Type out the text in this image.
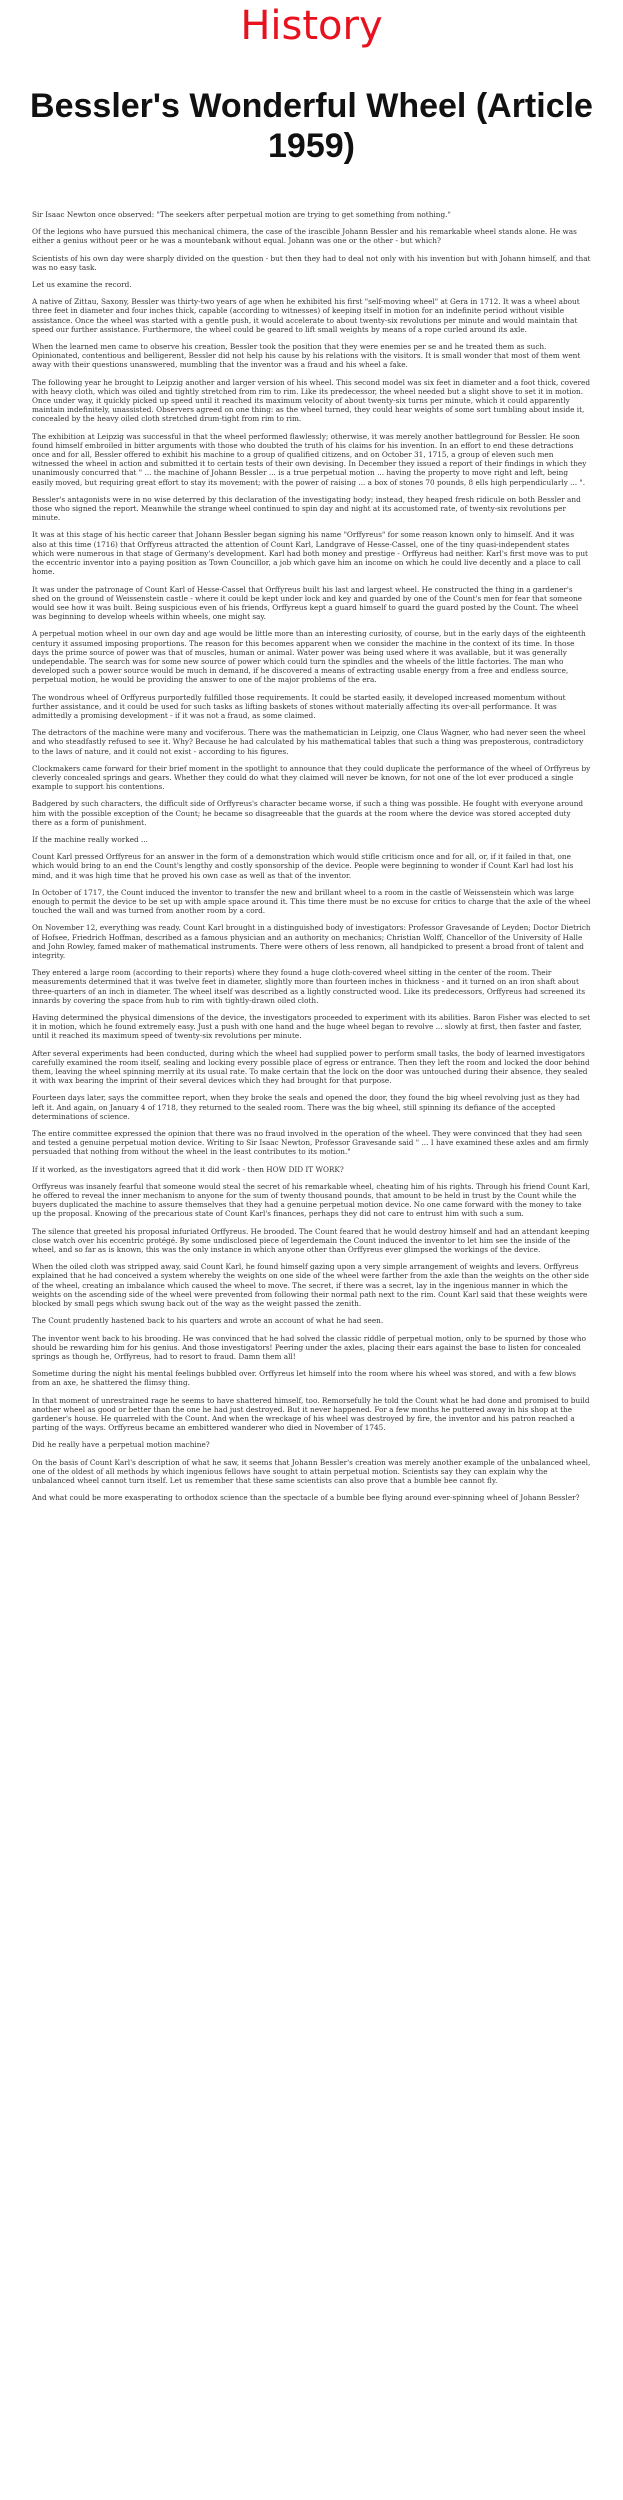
History
Bessler's Wonderful Wheel (Article 1959)

Sir Isaac Newton once observed: "The seekers after perpetual motion are trying to get something from nothing."

Of the legions who have pursued this mechanical chimera, the case of the irascible Johann Bessler and his remarkable wheel stands alone. He was either a genius without peer or he was a mountebank without equal. Johann was one or the other - but which?

Scientists of his own day were sharply divided on the question - but then they had to deal not only with his invention but with Johann himself, and that was no easy task.

Let us examine the record.

A native of Zittau, Saxony, Bessler was thirty-two years of age when he exhibited his first "self-moving wheel" at Gera in 1712. It was a wheel about three feet in diameter and four inches thick, capable (according to witnesses) of keeping itself in motion for an indefinite period without visible assistance. Once the wheel was started with a gentle push, it would accelerate to about twenty-six revolutions per minute and would maintain that speed our further assistance. Furthermore, the wheel could be geared to lift small weights by means of a rope curled around its axle.

When the learned men came to observe his creation, Bessler took the position that they were enemies per se and he treated them as such. Opinionated, contentious and belligerent, Bessler did not help his cause by his relations with the visitors. It is small wonder that most of them went away with their questions unanswered, mumbling that the inventor was a fraud and his wheel a fake.

The following year he brought to Leipzig another and larger version of his wheel. This second model was six feet in diameter and a foot thick, covered with heavy cloth, which was oiled and tightly stretched from rim to rim. Like its predecessor, the wheel needed but a slight shove to set it in motion. Once under way, it quickly picked up speed until it reached its maximum velocity of about twenty-six turns per minute, which it could apparently maintain indefinitely, unassisted. Observers agreed on one thing: as the wheel turned, they could hear weights of some sort tumbling about inside it, concealed by the heavy oiled cloth stretched drum-tight from rim to rim.

The exhibition at Leipzig was successful in that the wheel performed flawlessly; otherwise, it was merely another battleground for Bessler. He soon found himself embroiled in bitter arguments with those who doubted the truth of his claims for his invention. In an effort to end these detractions once and for all, Bessler offered to exhibit his machine to a group of qualified citizens, and on October 31, 1715, a group of eleven such men witnessed the wheel in action and submitted it to certain tests of their own devising. In December they issued a report of their findings in which they unanimously concurred that " ... the machine of Johann Bessler ... is a true perpetual motion ... having the property to move right and left, being easily moved, but requiring great effort to stay its movement; with the power of raising ... a box of stones 70 pounds, 8 ells high perpendicularly ... ".

Bessler's antagonists were in no wise deterred by this declaration of the investigating body; instead, they heaped fresh ridicule on both Bessler and those who signed the report. Meanwhile the strange wheel continued to spin day and night at its accustomed rate, of twenty-six revolutions per minute.

It was at this stage of his hectic career that Johann Bessler began signing his name "Orffyreus" for some reason known only to himself. And it was also at this time (1716) that Orffyreus attracted the attention of Count Karl, Landgrave of Hesse-Cassel, one of the tiny quasi-independent states which were numerous in that stage of Germany's development. Karl had both money and prestige - Orffyreus had neither. Karl's first move was to put the eccentric inventor into a paying position as Town Councillor, a job which gave him an income on which he could live decently and a place to call home.

It was under the patronage of Count Karl of Hesse-Cassel that Orffyreus built his last and largest wheel. He constructed the thing in a gardener's shed on the ground of Weissenstein castle - where it could be kept under lock and key and guarded by one of the Count's men for fear that someone would see how it was built. Being suspicious even of his friends, Orffyreus kept a guard himself to guard the guard posted by the Count. The wheel was beginning to develop wheels within wheels, one might say.

A perpetual motion wheel in our own day and age would be little more than an interesting curiosity, of course, but in the early days of the eighteenth century it assumed imposing proportions. The reason for this becomes apparent when we consider the machine in the context of its time. In those days the prime source of power was that of muscles, human or animal. Water power was being used where it was available, but it was generally undependable. The search was for some new source of power which could turn the spindles and the wheels of the little factories. The man who developed such a power source would be much in demand, if he discovered a means of extracting usable energy from a free and endless source, perpetual motion, he would be providing the answer to one of the major problems of the era.

The wondrous wheel of Orffyreus purportedly fulfilled those requirements. It could be started easily, it developed increased momentum without further assistance, and it could be used for such tasks as lifting baskets of stones without materially affecting its over-all performance. It was admittedly a promising development - if it was not a fraud, as some claimed.

The detractors of the machine were many and vociferous. There was the mathematician in Leipzig, one Claus Wagner, who had never seen the wheel and who steadfastly refused to see it. Why? Because he had calculated by his mathematical tables that such a thing was preposterous, contradictory to the laws of nature, and it could not exist - according to his figures.

Clockmakers came forward for their brief moment in the spotlight to announce that they could duplicate the performance of the wheel of Orffyreus by cleverly concealed springs and gears. Whether they could do what they claimed will never be known, for not one of the lot ever produced a single example to support his contentions.

Badgered by such characters, the difficult side of Orffyreus's character became worse, if such a thing was possible. He fought with everyone around him with the possible exception of the Count; he became so disagreeable that the guards at the room where the device was stored accepted duty there as a form of punishment.

If the machine really worked ...

Count Karl pressed Orffyreus for an answer in the form of a demonstration which would stifle criticism once and for all, or, if it failed in that, one which would bring to an end the Count's lengthy and costly sponsorship of the device. People were beginning to wonder if Count Karl had lost his mind, and it was high time that he proved his own case as well as that of the inventor.

In October of 1717, the Count induced the inventor to transfer the new and brillant wheel to a room in the castle of Weissenstein which was large enough to permit the device to be set up with ample space around it. This time there must be no excuse for critics to charge that the axle of the wheel touched the wall and was turned from another room by a cord.

On November 12, everything was ready. Count Karl brought in a distinguished body of investigators: Professor Gravesande of Leyden; Doctor Dietrich of Hofsee, Friedrich Hoffman, described as a famous physician and an authority on mechanics; Christian Wolff, Chancellor of the University of Halle and John Rowley, famed maker of mathematical instruments. There were others of less renown, all handpicked to present a broad front of talent and integrity.

They entered a large room (according to their reports) where they found a huge cloth-covered wheel sitting in the center of the room. Their measurements determined that it was twelve feet in diameter, slightly more than fourteen inches in thickness - and it turned on an iron shaft about three-quarters of an inch in diameter. The wheel itself was described as a lightly constructed wood. Like its predecessors, Orffyreus had screened its innards by covering the space from hub to rim with tightly-drawn oiled cloth.

Having determined the physical dimensions of the device, the investigators proceeded to experiment with its abilities. Baron Fisher was elected to set it in motion, which he found extremely easy. Just a push with one hand and the huge wheel began to revolve ... slowly at first, then faster and faster, until it reached its maximum speed of twenty-six revolutions per minute.

After several experiments had been conducted, during which the wheel had supplied power to perform small tasks, the body of learned investigators carefully examined the room itself, sealing and locking every possible place of egress or entrance. Then they left the room and locked the door behind them, leaving the wheel spinning merrily at its usual rate. To make certain that the lock on the door was untouched during their absence, they sealed it with wax bearing the imprint of their several devices which they had brought for that purpose.

Fourteen days later, says the committee report, when they broke the seals and opened the door, they found the big wheel revolving just as they had left it. And again, on January 4 of 1718, they returned to the sealed room. There was the big wheel, still spinning its defiance of the accepted determinations of science.

The entire committee expressed the opinion that there was no fraud involved in the operation of the wheel. They were convinced that they had seen and tested a genuine perpetual motion device. Writing to Sir Isaac Newton, Professor Gravesande said " ... I have examined these axles and am firmly persuaded that nothing from without the wheel in the least contributes to its motion."

If it worked, as the investigators agreed that it did work - then HOW DID IT WORK?

Orffyreus was insanely fearful that someone would steal the secret of his remarkable wheel, cheating him of his rights. Through his friend Count Karl, he offered to reveal the inner mechanism to anyone for the sum of twenty thousand pounds, that amount to be held in trust by the Count while the buyers duplicated the machine to assure themselves that they had a genuine perpetual motion device. No one came forward with the money to take up the proposal. Knowing of the precarious state of Count Karl's finances, perhaps they did not care to entrust him with such a sum.

The silence that greeted his proposal infuriated Orffyreus. He brooded. The Count feared that he would destroy himself and had an attendant keeping close watch over his eccentric protégé. By some undisclosed piece of legerdemain the Count induced the inventor to let him see the inside of the wheel, and so far as is known, this was the only instance in which anyone other than Orffyreus ever glimpsed the workings of the device.

When the oiled cloth was stripped away, said Count Karl, he found himself gazing upon a very simple arrangement of weights and levers. Orffyreus explained that he had conceived a system whereby the weights on one side of the wheel were farther from the axle than the weights on the other side of the wheel, creating an imbalance which caused the wheel to move. The secret, if there was a secret, lay in the ingenious manner in which the weights on the ascending side of the wheel were prevented from following their normal path next to the rim. Count Karl said that these weights were blocked by small pegs which swung back out of the way as the weight passed the zenith.

The Count prudently hastened back to his quarters and wrote an account of what he had seen.

The inventor went back to his brooding. He was convinced that he had solved the classic riddle of perpetual motion, only to be spurned by those who should be rewarding him for his genius. And those investigators! Peering under the axles, placing their ears against the base to listen for concealed springs as though he, Orffyreus, had to resort to fraud. Damn them all!

Sometime during the night his mental feelings bubbled over. Orffyreus let himself into the room where his wheel was stored, and with a few blows from an axe, he shattered the flimsy thing.

In that moment of unrestrained rage he seems to have shattered himself, too. Remorsefully he told the Count what he had done and promised to build another wheel as good or better than the one he had just destroyed. But it never happened. For a few months he puttered away in his shop at the gardener's house. He quarreled with the Count. And when the wreckage of his wheel was destroyed by fire, the inventor and his patron reached a parting of the ways. Orffyreus became an embittered wanderer who died in November of 1745.

Did he really have a perpetual motion machine?

On the basis of Count Karl's description of what he saw, it seems that Johann Bessler's creation was merely another example of the unbalanced wheel, one of the oldest of all methods by which ingenious fellows have sought to attain perpetual motion. Scientists say they can explain why the unbalanced wheel cannot turn itself. Let us remember that these same scientists can also prove that a bumble bee cannot fly.

And what could be more exasperating to orthodox science than the spectacle of a bumble bee flying around ever-spinning wheel of Johann Bessler?
